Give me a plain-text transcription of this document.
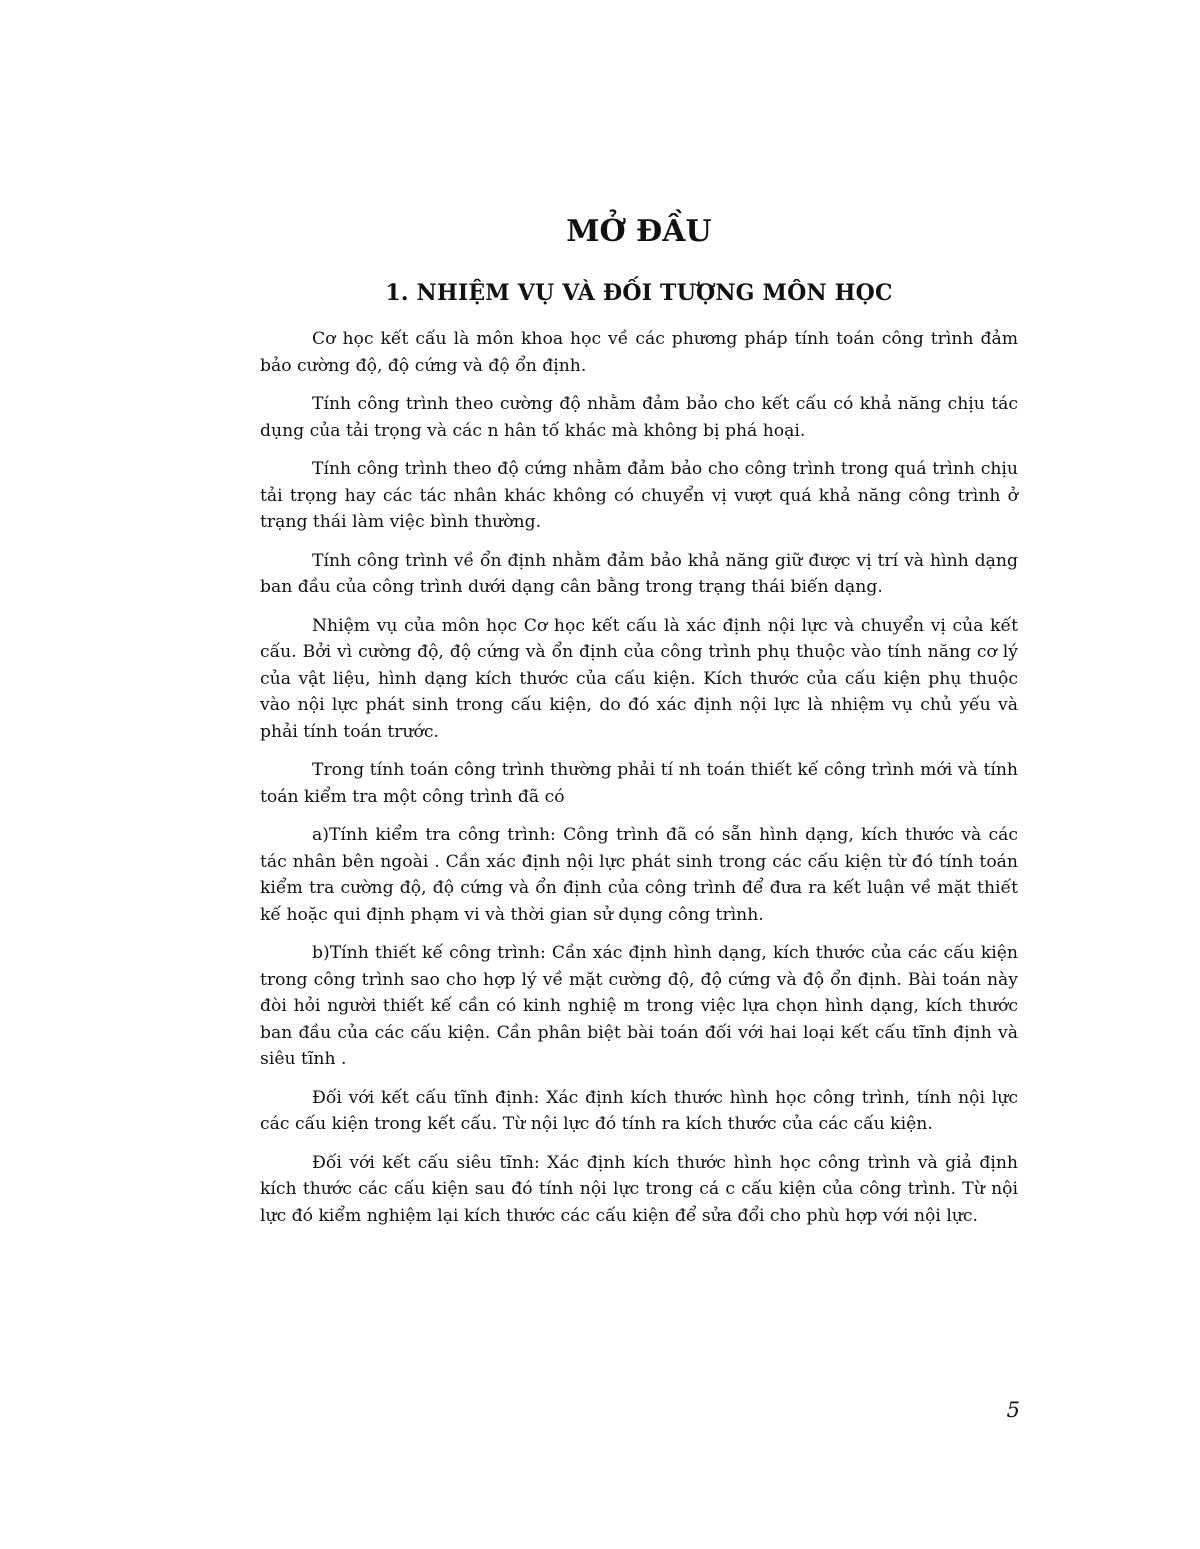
MỞ ĐẦU
1. NHIỆM VỤ VÀ ĐỐI TƯỢNG MÔN HỌC

Cơ học kết cấu là môn khoa học về các phương pháp tính toán công trình đảm bảo cường độ, độ cứng và độ ổn định.

Tính công trình theo cường độ nhằm đảm bảo cho kết cấu có khả năng chịu tác dụng của tải trọng và các n hân tố khác mà không bị phá hoại.

Tính công trình theo độ cứng nhằm đảm bảo cho công trình trong quá trình chịu tải trọng hay các tác nhân khác không có chuyển vị vượt quá khả năng công trình ở trạng thái làm việc bình thường.

Tính công trình về ổn định nhằm đảm bảo khả năng giữ được vị trí và hình dạng ban đầu của công trình dưới dạng cân bằng trong trạng thái biến dạng.

Nhiệm vụ của môn học Cơ học kết cấu là xác định nội lực và chuyển vị của kết cấu. Bởi vì cường độ, độ cứng và ổn định của công trình phụ thuộc vào tính năng cơ lý của vật liệu, hình dạng kích thước của cấu kiện. Kích thước của cấu kiện phụ thuộc vào nội lực phát sinh trong cấu kiện, do đó xác định nội lực là nhiệm vụ chủ yếu và phải tính toán trước.

Trong tính toán công trình thường phải tí nh toán thiết kế công trình mới và tính toán kiểm tra một công trình đã có

a)Tính kiểm tra công trình: Công trình đã có sẵn hình dạng, kích thước và các tác nhân bên ngoài . Cần xác định nội lực phát sinh trong các cấu kiện từ đó tính toán kiểm tra cường độ, độ cứng và ổn định của công trình để đưa ra kết luận về mặt thiết kế hoặc qui định phạm vi và thời gian sử dụng công trình.

b)Tính thiết kế công trình: Cần xác định hình dạng, kích thước của các cấu kiện trong công trình sao cho hợp lý về mặt cường độ, độ cứng và độ ổn định. Bài toán này đòi hỏi người thiết kế cần có kinh nghiệ m trong việc lựa chọn hình dạng, kích thước ban đầu của các cấu kiện. Cần phân biệt bài toán đối với hai loại kết cấu tĩnh định và siêu tĩnh .

Đối với kết cấu tĩnh định: Xác định kích thước hình học công trình, tính nội lực các cấu kiện trong kết cấu. Từ nội lực đó tính ra kích thước của các cấu kiện.

Đối với kết cấu siêu tĩnh: Xác định kích thước hình học công trình và giả định kích thước các cấu kiện sau đó tính nội lực trong cá c cấu kiện của công trình. Từ nội lực đó kiểm nghiệm lại kích thước các cấu kiện để sửa đổi cho phù hợp với nội lực.

5
